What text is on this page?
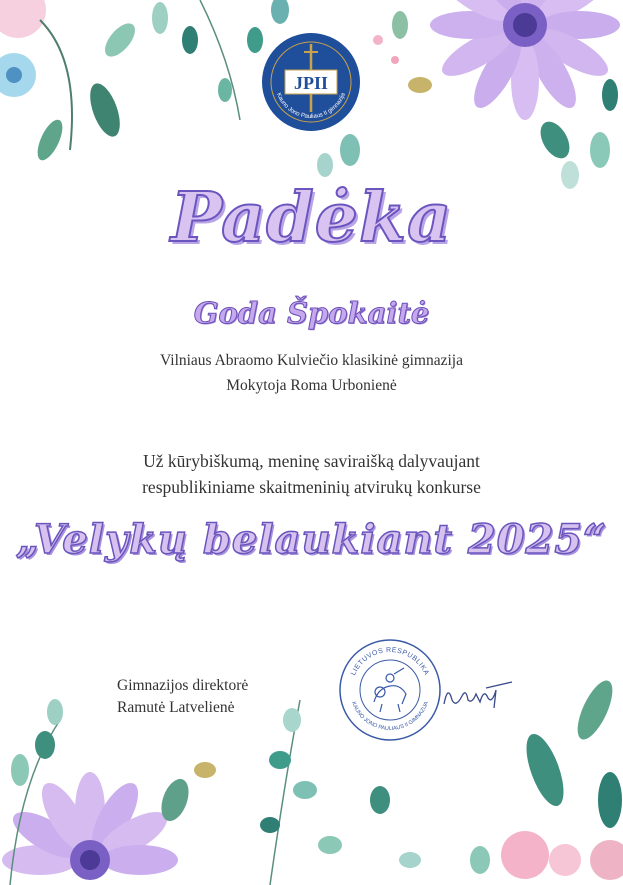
JPII
Kauno Jono Pauliaus II gimnazija
Padėka
Goda Špokaitė
Vilniaus Abraomo Kulviečio klasikinė gimnazija
Mokytoja Roma Urbonienė
Už kūrybiškumą, meninę saviraišką dalyvaujant
respublikiniame skaitmeninių atvirukų konkurse
„Velykų belaukiant 2025“
Gimnazijos direktorė
Ramutė Latvelienė
LIETUVOS RESPUBLIKA
KAUNO JONO PAULIAUS II GIMNAZIJA
